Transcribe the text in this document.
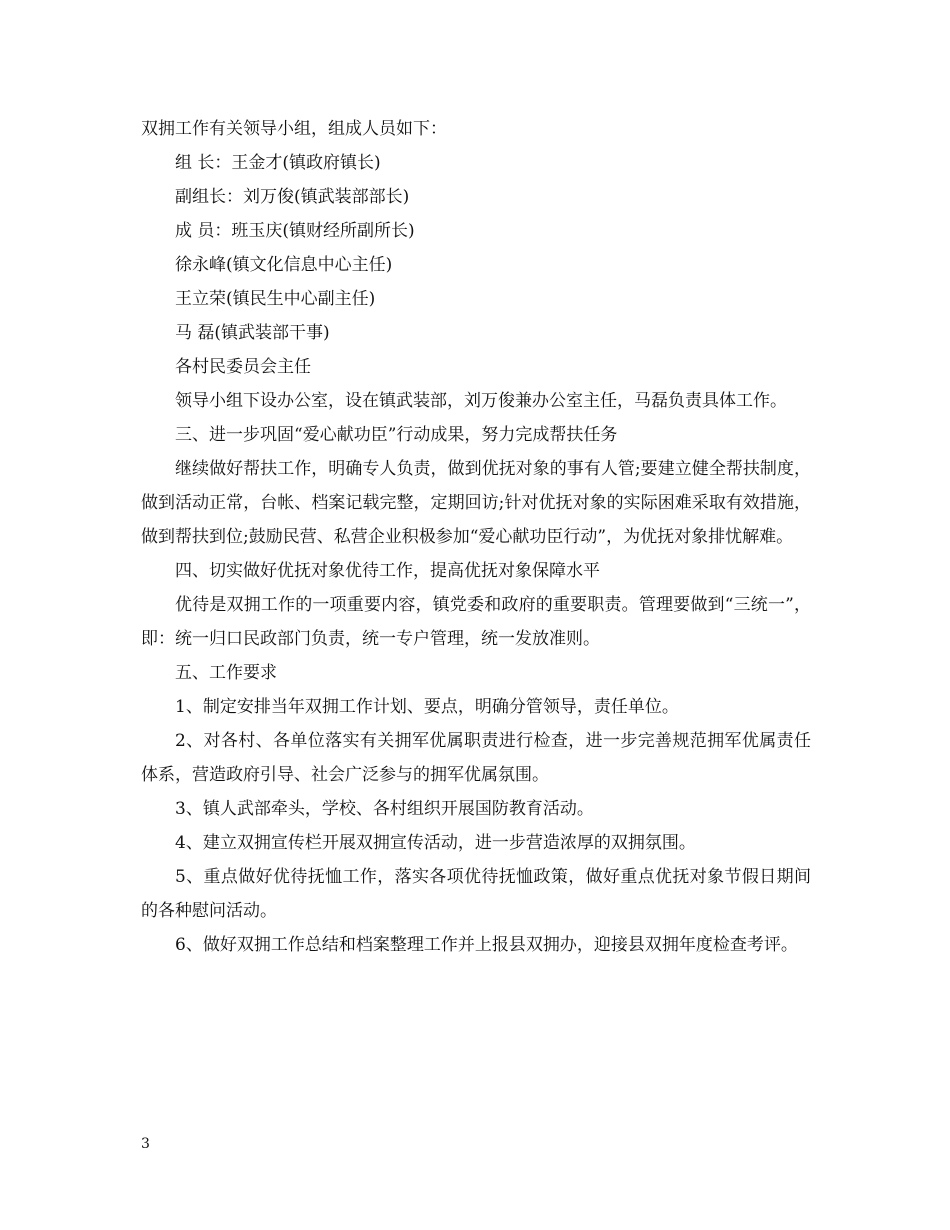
双拥工作有关领导小组，组成人员如下：

组 长：王金才(镇政府镇长)

副组长：刘万俊(镇武装部部长)

成 员：班玉庆(镇财经所副所长)

徐永峰(镇文化信息中心主任)

王立荣(镇民生中心副主任)

马 磊(镇武装部干事)

各村民委员会主任

领导小组下设办公室，设在镇武装部，刘万俊兼办公室主任，马磊负责具体工作。

三、进一步巩固“爱心献功臣”行动成果，努力完成帮扶任务

继续做好帮扶工作，明确专人负责，做到优抚对象的事有人管;要建立健全帮扶制度，做到活动正常，台帐、档案记载完整，定期回访;针对优抚对象的实际困难采取有效措施，做到帮扶到位;鼓励民营、私营企业积极参加“爱心献功臣行动”，为优抚对象排忧解难。

四、切实做好优抚对象优待工作，提高优抚对象保障水平

优待是双拥工作的一项重要内容，镇党委和政府的重要职责。管理要做到“三统一”，即：统一归口民政部门负责，统一专户管理，统一发放准则。

五、工作要求

1、制定安排当年双拥工作计划、要点，明确分管领导，责任单位。

2、对各村、各单位落实有关拥军优属职责进行检查，进一步完善规范拥军优属责任体系，营造政府引导、社会广泛参与的拥军优属氛围。

3、镇人武部牵头，学校、各村组织开展国防教育活动。

4、建立双拥宣传栏开展双拥宣传活动，进一步营造浓厚的双拥氛围。

5、重点做好优待抚恤工作，落实各项优待抚恤政策，做好重点优抚对象节假日期间的各种慰问活动。

6、做好双拥工作总结和档案整理工作并上报县双拥办，迎接县双拥年度检查考评。

3
